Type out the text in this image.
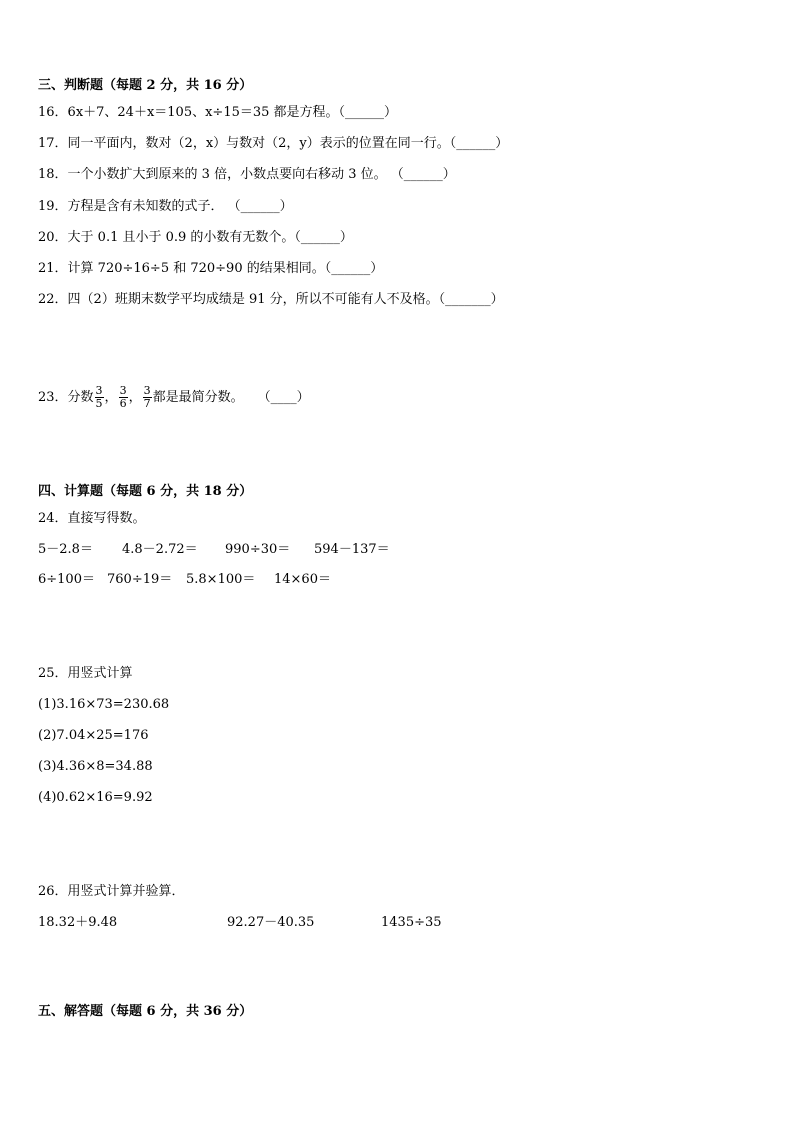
三、判断题（每题 2 分，共 16 分）
16．6x＋7、24＋x＝105、x÷15＝35 都是方程。（______）
17．同一平面内，数对（2，x）与数对（2，y）表示的位置在同一行。（______）
18．一个小数扩大到原来的 3 倍，小数点要向右移动 3 位。 （______）
19．方程是含有未知数的式子． （______）
20．大于 0.1 且小于 0.9 的小数有无数个。（______）
21．计算 720÷16÷5 和 720÷90 的结果相同。（______）
22．四（2）班期末数学平均成绩是 91 分，所以不可能有人不及格。（_______）
23．分数 $\frac{3}{5}$ ， $\frac{3}{6}$ ， $\frac{3}{7}$ 都是最简分数。 （____）
四、计算题（每题 6 分，共 18 分）
24．直接写得数。
5－2.8＝ 4.8－2.72＝ 990÷30＝ 594－137＝
6÷100＝ 760÷19＝ 5.8×100＝ 14×60＝
25．用竖式计算
(1)3.16×73=230.68
(2)7.04×25=176
(3)4.36×8=34.88
(4)0.62×16=9.92
26．用竖式计算并验算．
18.32＋9.48	92.27－40.35	1435÷35
五、解答题（每题 6 分，共 36 分）
